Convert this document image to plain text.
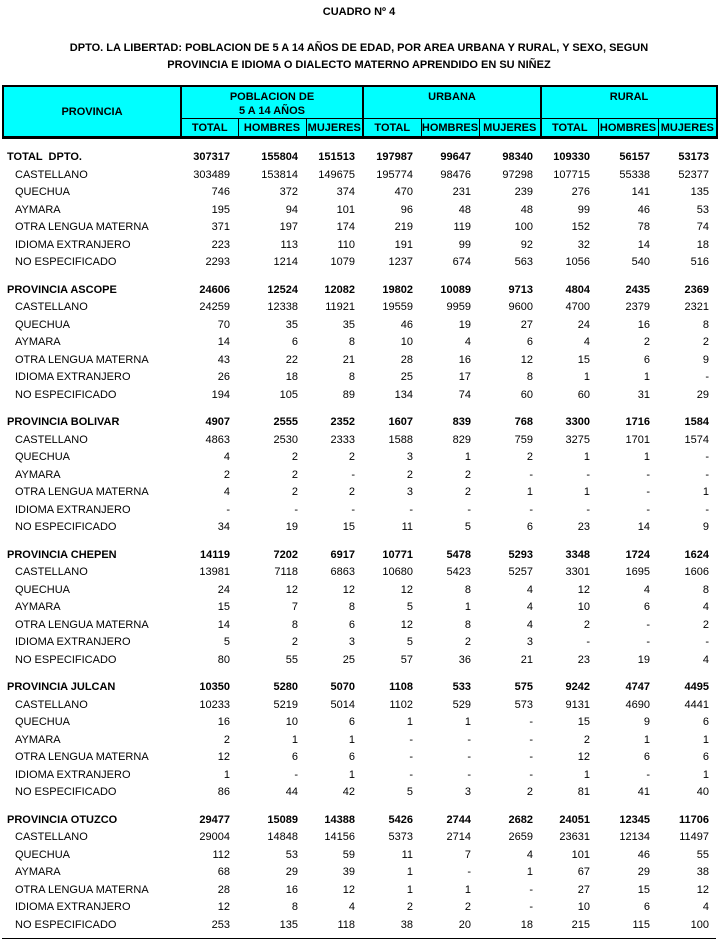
CUADRO Nº 4
DPTO. LA LIBERTAD: POBLACION DE 5 A 14 AÑOS DE EDAD, POR AREA URBANA Y RURAL, Y SEXO, SEGUN
PROVINCIA E IDIOMA O DIALECTO MATERNO APRENDIDO EN SU NIÑEZ
PROVINCIA	POBLACION DE
5 A 14 AÑOS			URBANA			RURAL		
	TOTAL	HOMBRES	MUJERES	TOTAL	HOMBRES	MUJERES	TOTAL	HOMBRES	MUJERES
TOTAL  DPTO.	307317	155804	151513	197987	99647	98340	109330	56157	53173
CASTELLANO	303489	153814	149675	195774	98476	97298	107715	55338	52377
QUECHUA	746	372	374	470	231	239	276	141	135
AYMARA	195	94	101	96	48	48	99	46	53
OTRA LENGUA MATERNA	371	197	174	219	119	100	152	78	74
IDIOMA EXTRANJERO	223	113	110	191	99	92	32	14	18
NO ESPECIFICADO	2293	1214	1079	1237	674	563	1056	540	516
PROVINCIA ASCOPE	24606	12524	12082	19802	10089	9713	4804	2435	2369
CASTELLANO	24259	12338	11921	19559	9959	9600	4700	2379	2321
QUECHUA	70	35	35	46	19	27	24	16	8
AYMARA	14	6	8	10	4	6	4	2	2
OTRA LENGUA MATERNA	43	22	21	28	16	12	15	6	9
IDIOMA EXTRANJERO	26	18	8	25	17	8	1	1	-
NO ESPECIFICADO	194	105	89	134	74	60	60	31	29
PROVINCIA BOLIVAR	4907	2555	2352	1607	839	768	3300	1716	1584
CASTELLANO	4863	2530	2333	1588	829	759	3275	1701	1574
QUECHUA	4	2	2	3	1	2	1	1	-
AYMARA	2	2	-	2	2	-	-	-	-
OTRA LENGUA MATERNA	4	2	2	3	2	1	1	-	1
IDIOMA EXTRANJERO	-	-	-	-	-	-	-	-	-
NO ESPECIFICADO	34	19	15	11	5	6	23	14	9
PROVINCIA CHEPEN	14119	7202	6917	10771	5478	5293	3348	1724	1624
CASTELLANO	13981	7118	6863	10680	5423	5257	3301	1695	1606
QUECHUA	24	12	12	12	8	4	12	4	8
AYMARA	15	7	8	5	1	4	10	6	4
OTRA LENGUA MATERNA	14	8	6	12	8	4	2	-	2
IDIOMA EXTRANJERO	5	2	3	5	2	3	-	-	-
NO ESPECIFICADO	80	55	25	57	36	21	23	19	4
PROVINCIA JULCAN	10350	5280	5070	1108	533	575	9242	4747	4495
CASTELLANO	10233	5219	5014	1102	529	573	9131	4690	4441
QUECHUA	16	10	6	1	1	-	15	9	6
AYMARA	2	1	1	-	-	-	2	1	1
OTRA LENGUA MATERNA	12	6	6	-	-	-	12	6	6
IDIOMA EXTRANJERO	1	-	1	-	-	-	1	-	1
NO ESPECIFICADO	86	44	42	5	3	2	81	41	40
PROVINCIA OTUZCO	29477	15089	14388	5426	2744	2682	24051	12345	11706
CASTELLANO	29004	14848	14156	5373	2714	2659	23631	12134	11497
QUECHUA	112	53	59	11	7	4	101	46	55
AYMARA	68	29	39	1	-	1	67	29	38
OTRA LENGUA MATERNA	28	16	12	1	1	-	27	15	12
IDIOMA EXTRANJERO	12	8	4	2	2	-	10	6	4
NO ESPECIFICADO	253	135	118	38	20	18	215	115	100
